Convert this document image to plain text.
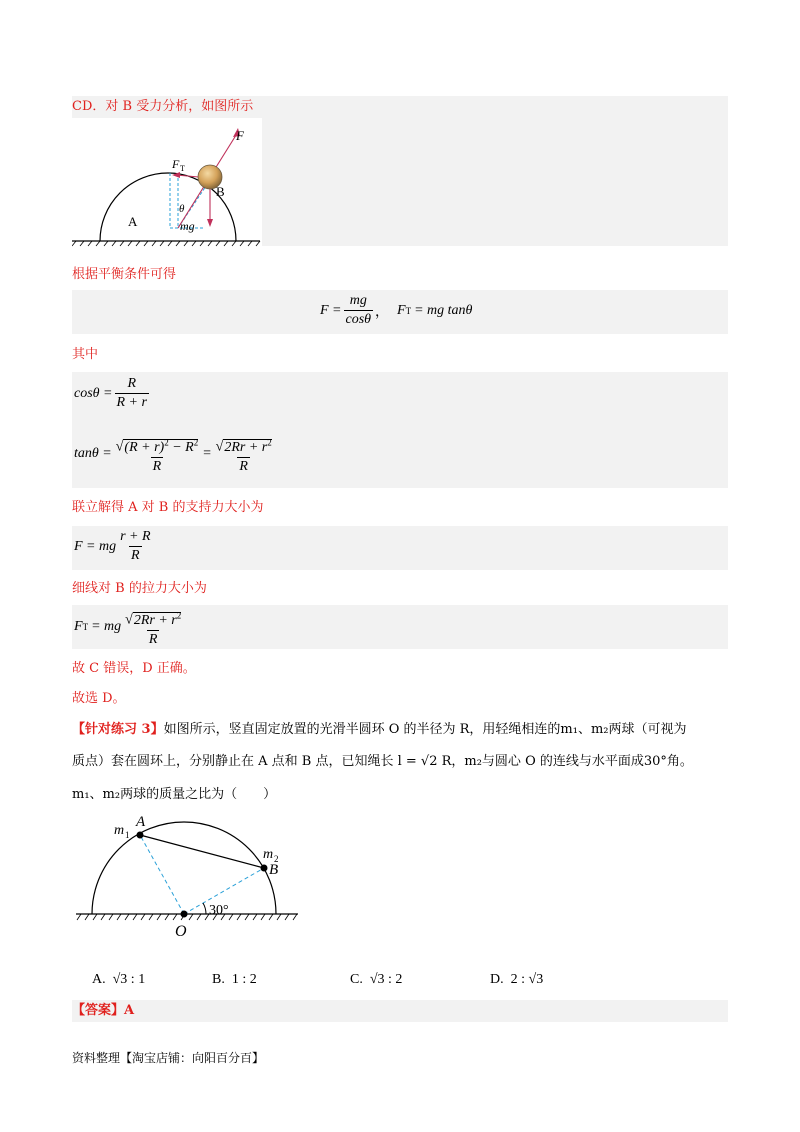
CD．对 B 受力分析，如图所示
F
F T
B
A
θ
mg
根据平衡条件可得
$F = \frac{mg}{\cos\theta}$ ， F T = mg tanθ
其中
$\cos\theta = \frac{R}{R + r}$
$\tan\theta = \frac{√(R + r)^2 - R^2}{R} = \frac{√2Rr + r^2}{R}$
联立解得 A 对 B 的支持力大小为
F = mg $\frac{r + R}{R}$
细线对 B 的拉力大小为
F T = mg $\frac{√2Rr + r^2}{R}$
故 C 错误，D 正确。
故选 D。
【针对练习 3】如图所示，竖直固定放置的光滑半圆环 O 的半径为 R，用轻绳相连的m₁、m₂两球（可视为
质点）套在圆环上，分别静止在 A 点和 B 点，已知绳长 l = √2 R，m₂与圆心 O 的连线与水平面成30°角。
m₁、m₂两球的质量之比为（　　）
m 1
A
m 2
B
O
30°
A. √3 : 1	B. 1 : 2	C. √3 : 2	D. 2 : √3
【答案】A
资料整理【淘宝店铺：向阳百分百】
